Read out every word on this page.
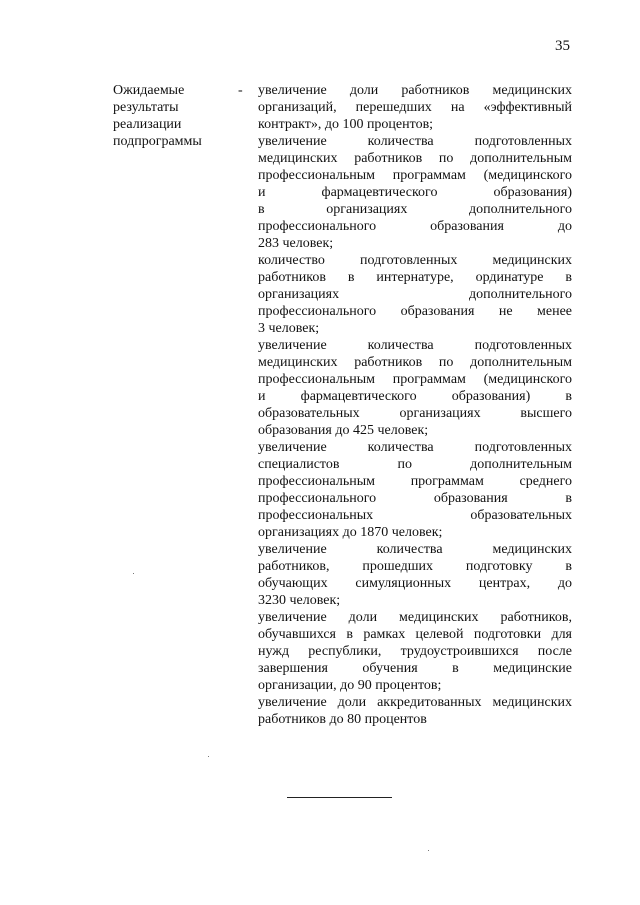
35
Ожидаемые
результаты
реализации
подпрограммы
- увеличение доли работников медицинских
организаций, перешедших на «эффективный
контракт», до 100 процентов;
увеличение количества подготовленных
медицинских работников по дополнительным
профессиональным программам (медицинского
и фармацевтического образования)
в организациях дополнительного
профессионального образования до
283 человек;
количество подготовленных медицинских
работников в интернатуре, ординатуре в
организациях дополнительного
профессионального образования не менее
3 человек;
увеличение количества подготовленных
медицинских работников по дополнительным
профессиональным программам (медицинского
и фармацевтического образования) в
образовательных организациях высшего
образования до 425 человек;
увеличение количества подготовленных
специалистов по дополнительным
профессиональным программам среднего
профессионального образования в
профессиональных образовательных
организациях до 1870 человек;
увеличение количества медицинских
работников, прошедших подготовку в
обучающих симуляционных центрах, до
3230 человек;
увеличение доли медицинских работников,
обучавшихся в рамках целевой подготовки для
нужд республики, трудоустроившихся после
завершения обучения в медицинские
организации, до 90 процентов;
увеличение доли аккредитованных медицинских
работников до 80 процентов
